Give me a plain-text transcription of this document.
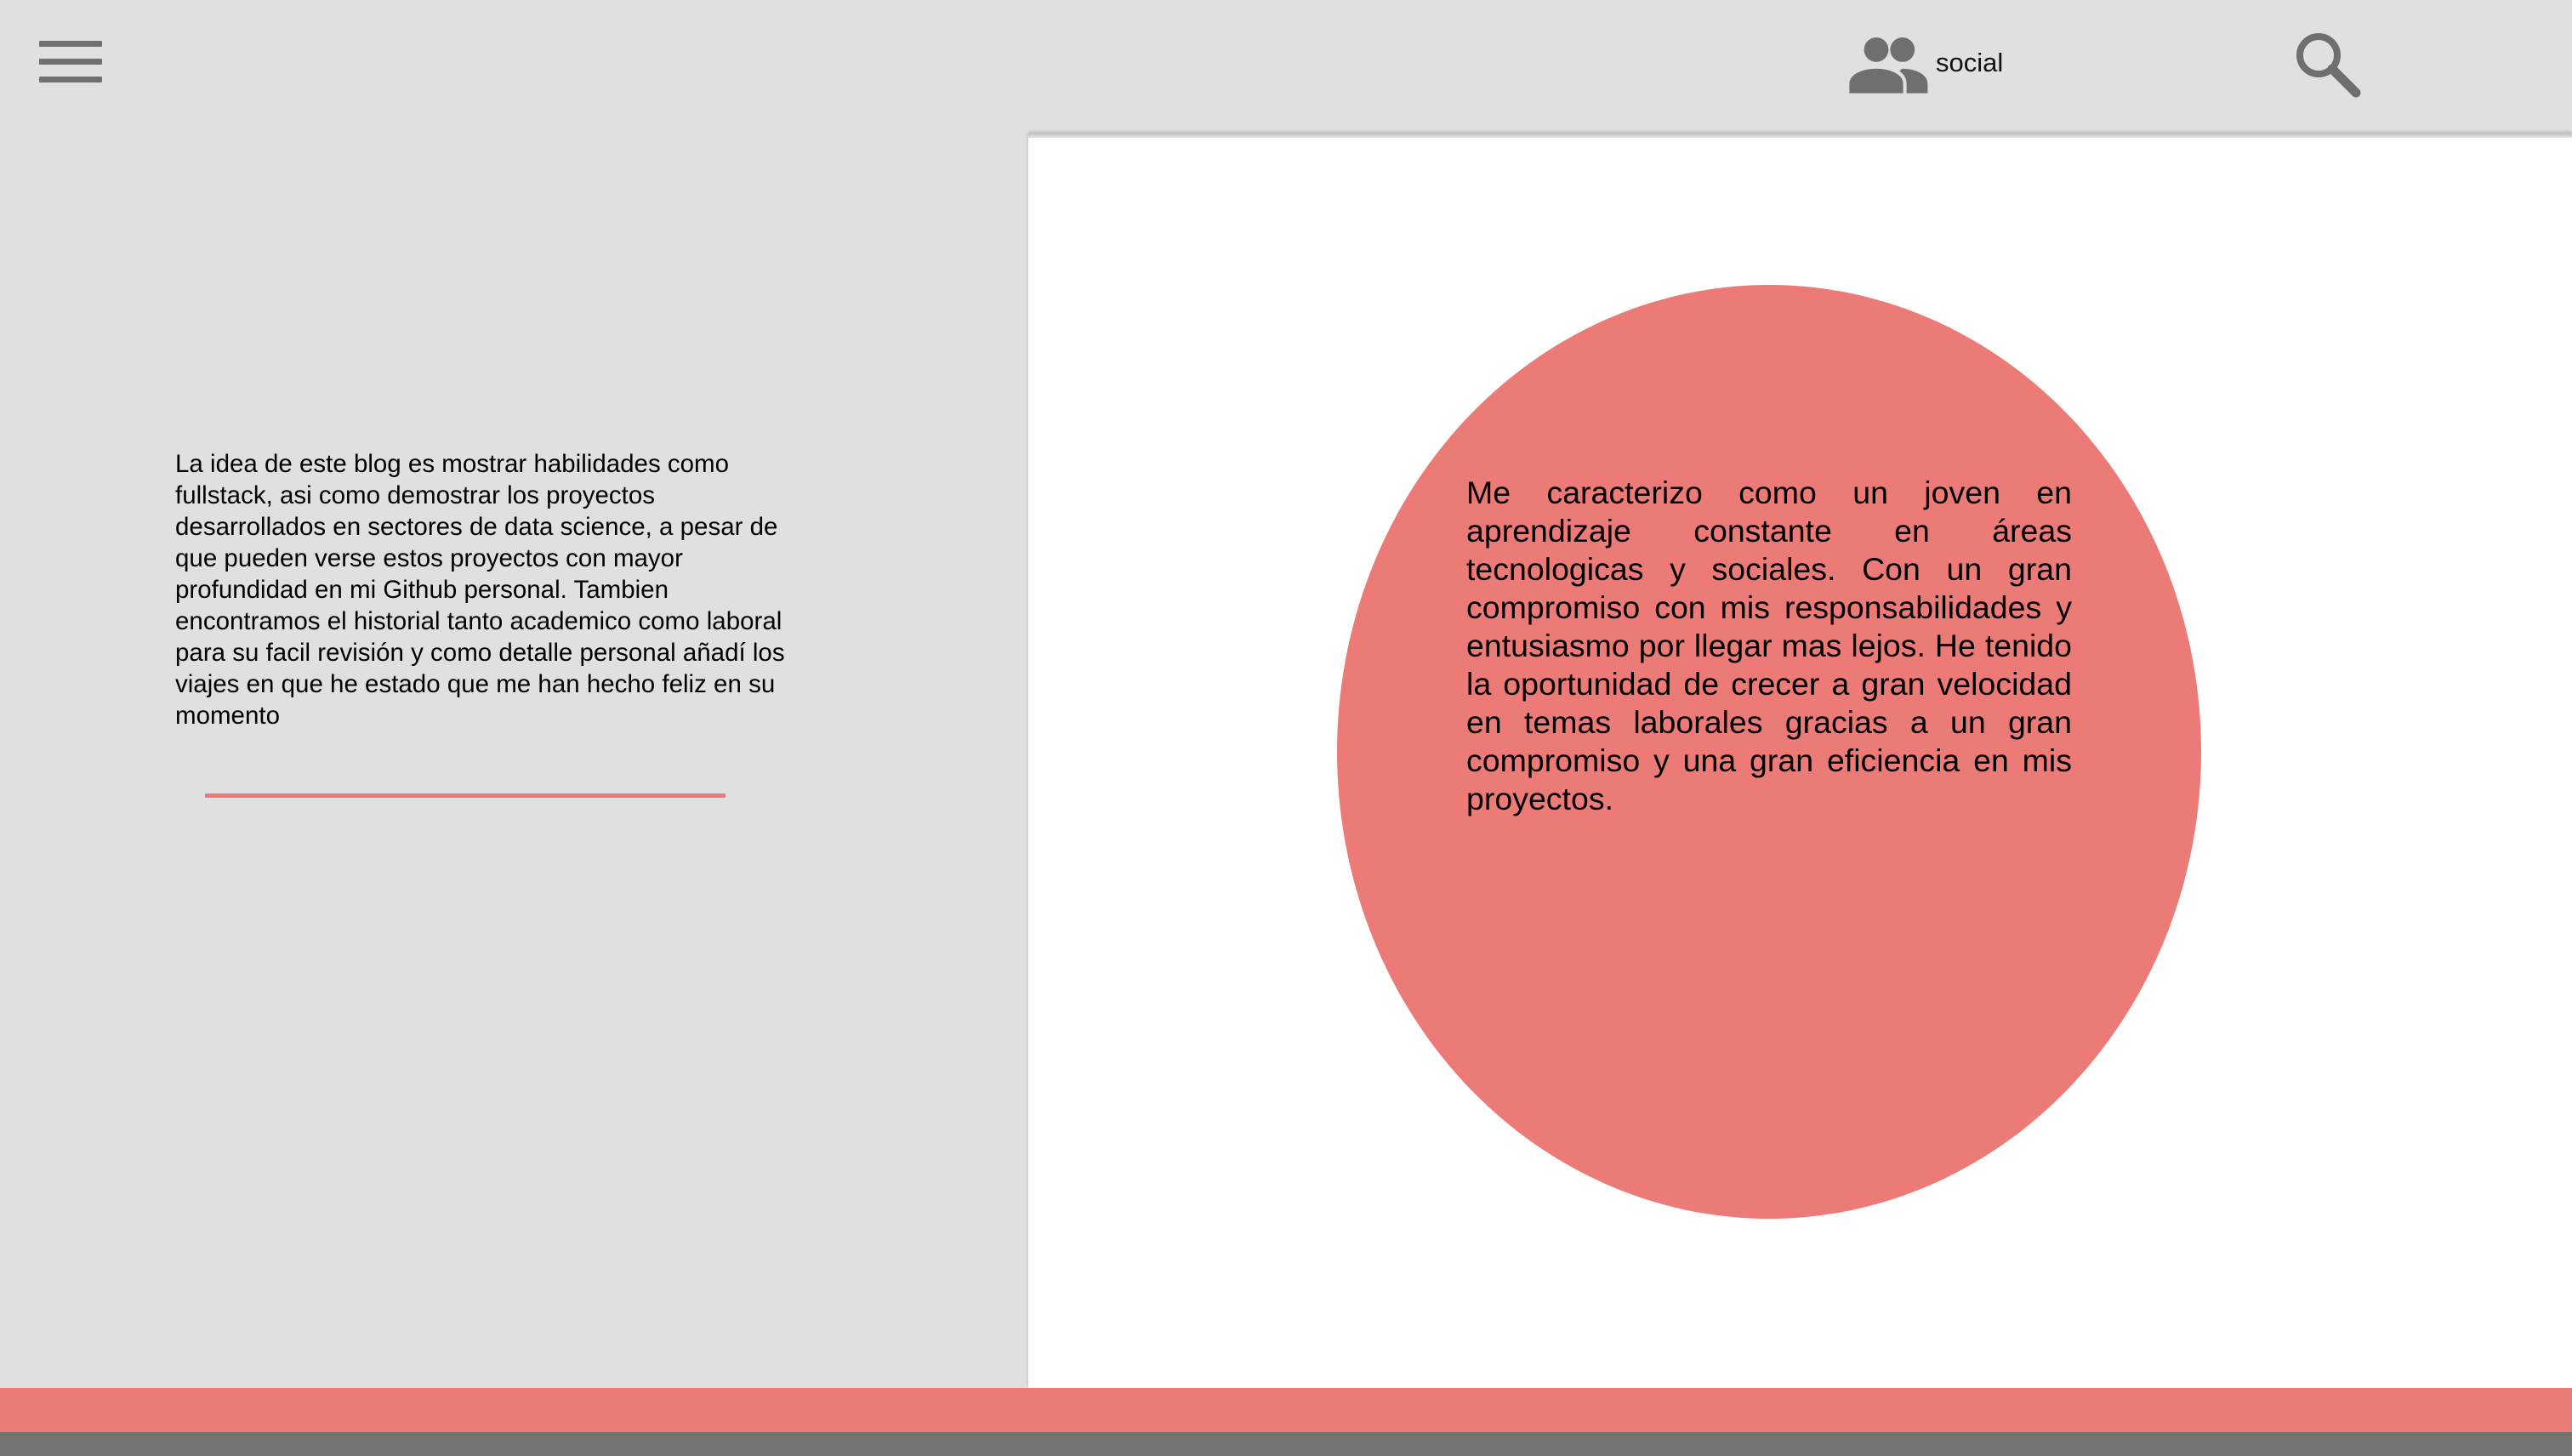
social

La idea de este blog es mostrar habilidades como fullstack, asi como demostrar los proyectos desarrollados en sectores de data science, a pesar de que pueden verse estos proyectos con mayor profundidad en mi Github personal. Tambien encontramos el historial tanto academico como laboral para su facil revisión y como detalle personal añadí los viajes en que he estado que me han hecho feliz en su momento

Me caracterizo como un joven en aprendizaje constante en áreas tecnologicas y sociales. Con un gran compromiso con mis responsabilidades y entusiasmo por llegar mas lejos. He tenido la oportunidad de crecer a gran velocidad en temas laborales gracias a un gran compromiso y una gran eficiencia en mis proyectos.
